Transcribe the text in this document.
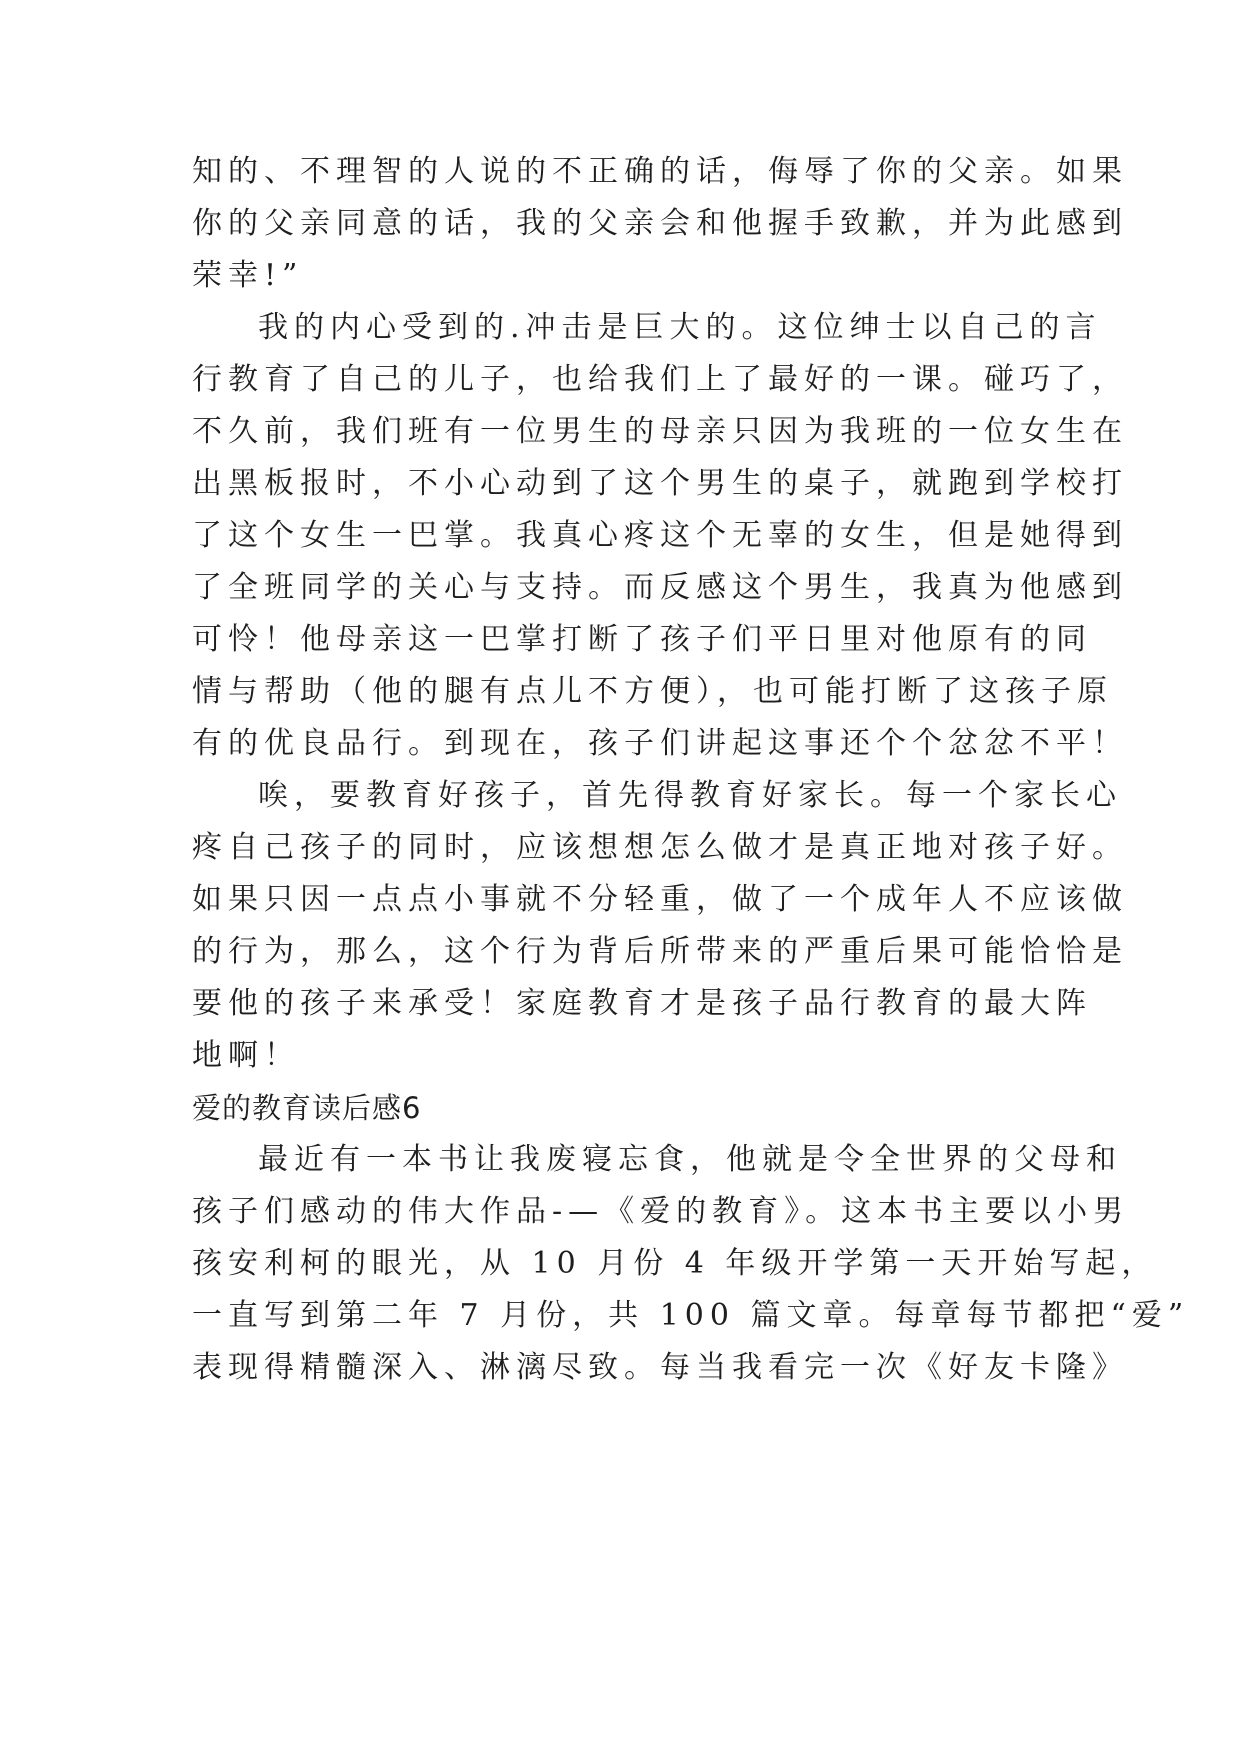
知的、不理智的人说的不正确的话，侮辱了你的父亲。如果
你的父亲同意的话，我的父亲会和他握手致歉，并为此感到
荣幸!”
我的内心受到的.冲击是巨大的。这位绅士以自己的言
行教育了自己的儿子，也给我们上了最好的一课。碰巧了，
不久前，我们班有一位男生的母亲只因为我班的一位女生在
出黑板报时，不小心动到了这个男生的桌子，就跑到学校打
了这个女生一巴掌。我真心疼这个无辜的女生，但是她得到
了全班同学的关心与支持。而反感这个男生，我真为他感到
可怜！他母亲这一巴掌打断了孩子们平日里对他原有的同
情与帮助（他的腿有点儿不方便），也可能打断了这孩子原
有的优良品行。到现在，孩子们讲起这事还个个忿忿不平！
唉，要教育好孩子，首先得教育好家长。每一个家长心
疼自己孩子的同时，应该想想怎么做才是真正地对孩子好。
如果只因一点点小事就不分轻重，做了一个成年人不应该做
的行为，那么，这个行为背后所带来的严重后果可能恰恰是
要他的孩子来承受！家庭教育才是孩子品行教育的最大阵
地啊！
爱的教育读后感6
最近有一本书让我废寝忘食，他就是令全世界的父母和
孩子们感动的伟大作品-—《爱的教育》。这本书主要以小男
孩安利柯的眼光，从 10 月份 4 年级开学第一天开始写起，
一直写到第二年 7 月份，共 100 篇文章。每章每节都把“爱”
表现得精髓深入、淋漓尽致。每当我看完一次《好友卡隆》
